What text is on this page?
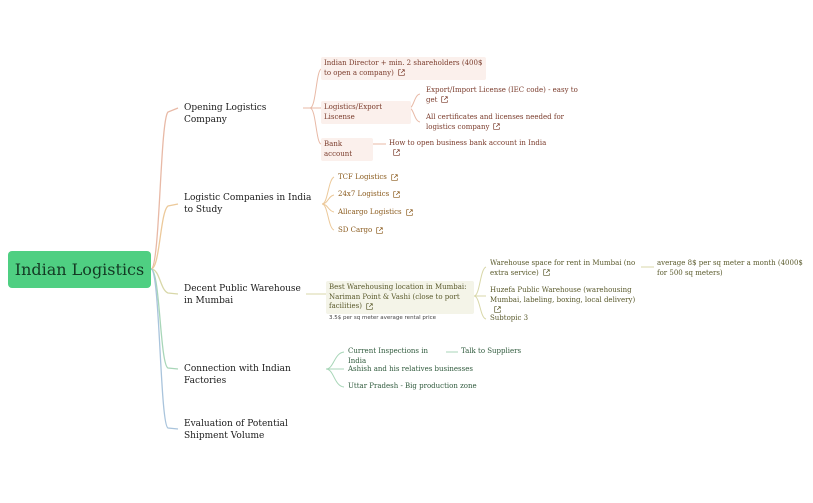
Indian Logistics
Opening Logistics Company
Indian Director + min. 2 shareholders (400$ to open a company)
Logistics/Export Liscense
Export/Import License (IEC code) - easy to get
All certificates and licenses needed for logistics company
Bank account
How to open business bank account in India
Logistic Companies in India to Study
TCF Logistics
24x7 Logistics
Allcargo Logistics
SD Cargo
Decent Public Warehouse in Mumbai
Best Warehousing location in Mumbai: Nariman Point & Vashi (close to port facilities)
3.5$ per sq meter average rental price
Warehouse space for rent in Mumbai (no extra service)
average 8$ per sq meter a month (4000$ for 500 sq meters)
Huzefa Public Warehouse (warehousing Mumbai, labeling, boxing, local delivery)
Subtopic 3
Connection with Indian Factories
Current Inspections in India
Talk to Suppliers
Ashish and his relatives businesses
Uttar Pradesh - Big production zone
Evaluation of Potential Shipment Volume
